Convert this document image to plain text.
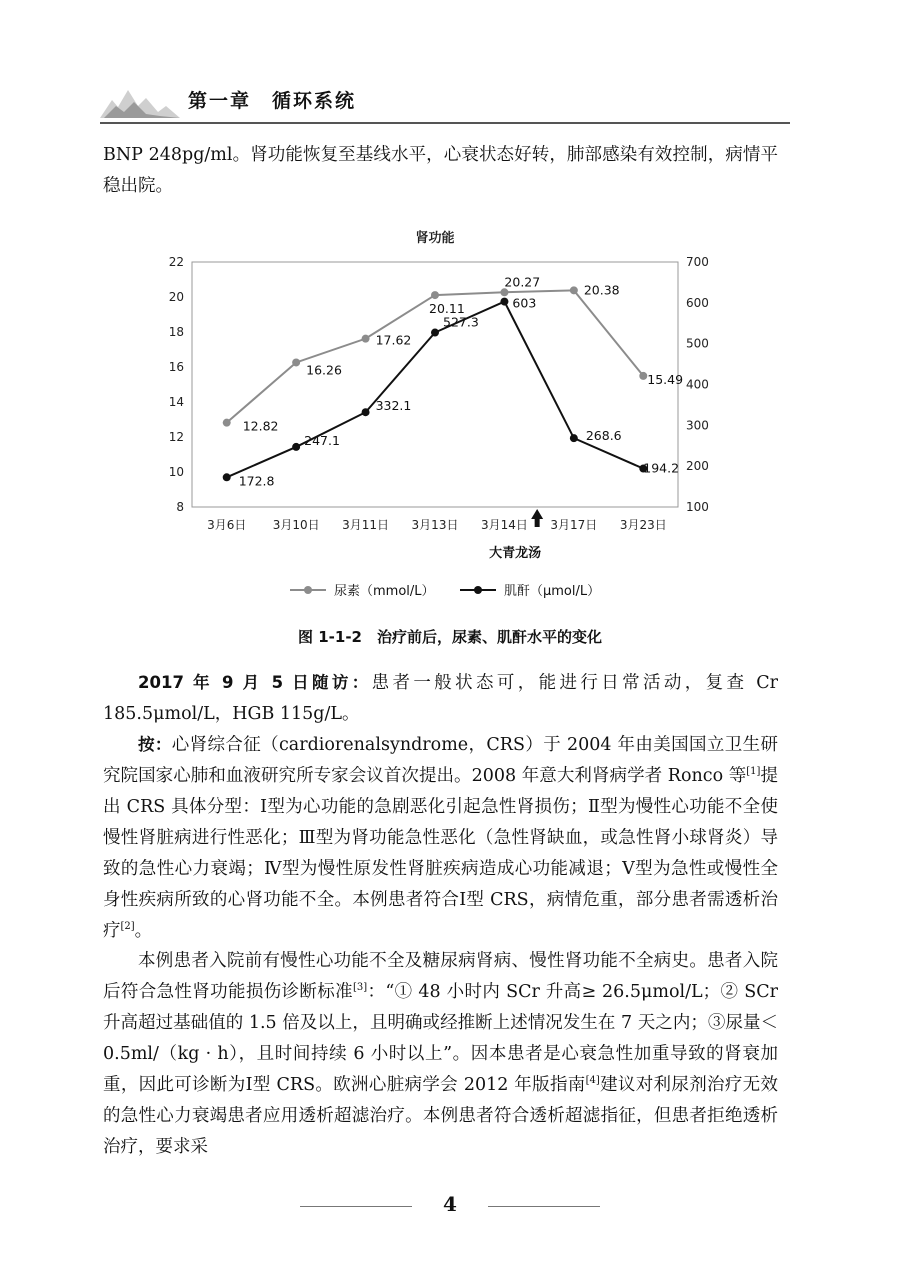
第一章　循环系统

BNP 248pg/ml。肾功能恢复至基线水平，心衰状态好转，肺部感染有效控制，病情平稳出院。

肾功能
22
20
18
16
14
12
10
8
700
600
500
400
300
200
100
3月6日 3月10日 3月11日 3月13日 3月14日 3月17日 3月23日
12.82
16.26
17.62
20.11
20.27
20.38
15.49
172.8
247.1
332.1
527.3
603
268.6
194.2
大青龙汤
尿素（mmol/L）	肌酐（μmol/L）
图 1-1-2　治疗前后，尿素、肌酐水平的变化

2017 年 9 月 5 日随访：患者一般状态可，能进行日常活动，复查 Cr 185.5μmol/L，HGB 115g/L。

按：心肾综合征（cardiorenalsyndrome，CRS）于 2004 年由美国国立卫生研究院国家心肺和血液研究所专家会议首次提出。2008 年意大利肾病学者 Ronco 等[1]提出 CRS 具体分型：Ⅰ型为心功能的急剧恶化引起急性肾损伤；Ⅱ型为慢性心功能不全使慢性肾脏病进行性恶化；Ⅲ型为肾功能急性恶化（急性肾缺血，或急性肾小球肾炎）导致的急性心力衰竭；Ⅳ型为慢性原发性肾脏疾病造成心功能减退；Ⅴ型为急性或慢性全身性疾病所致的心肾功能不全。本例患者符合Ⅰ型 CRS，病情危重，部分患者需透析治疗[2]。

本例患者入院前有慢性心功能不全及糖尿病肾病、慢性肾功能不全病史。患者入院后符合急性肾功能损伤诊断标准[3]：“① 48 小时内 SCr 升高≥ 26.5μmol/L；② SCr 升高超过基础值的 1.5 倍及以上，且明确或经推断上述情况发生在 7 天之内；③尿量＜ 0.5ml/（kg · h），且时间持续 6 小时以上”。因本患者是心衰急性加重导致的肾衰加重，因此可诊断为Ⅰ型 CRS。欧洲心脏病学会 2012 年版指南[4]建议对利尿剂治疗无效的急性心力衰竭患者应用透析超滤治疗。本例患者符合透析超滤指征，但患者拒绝透析治疗，要求采

4
